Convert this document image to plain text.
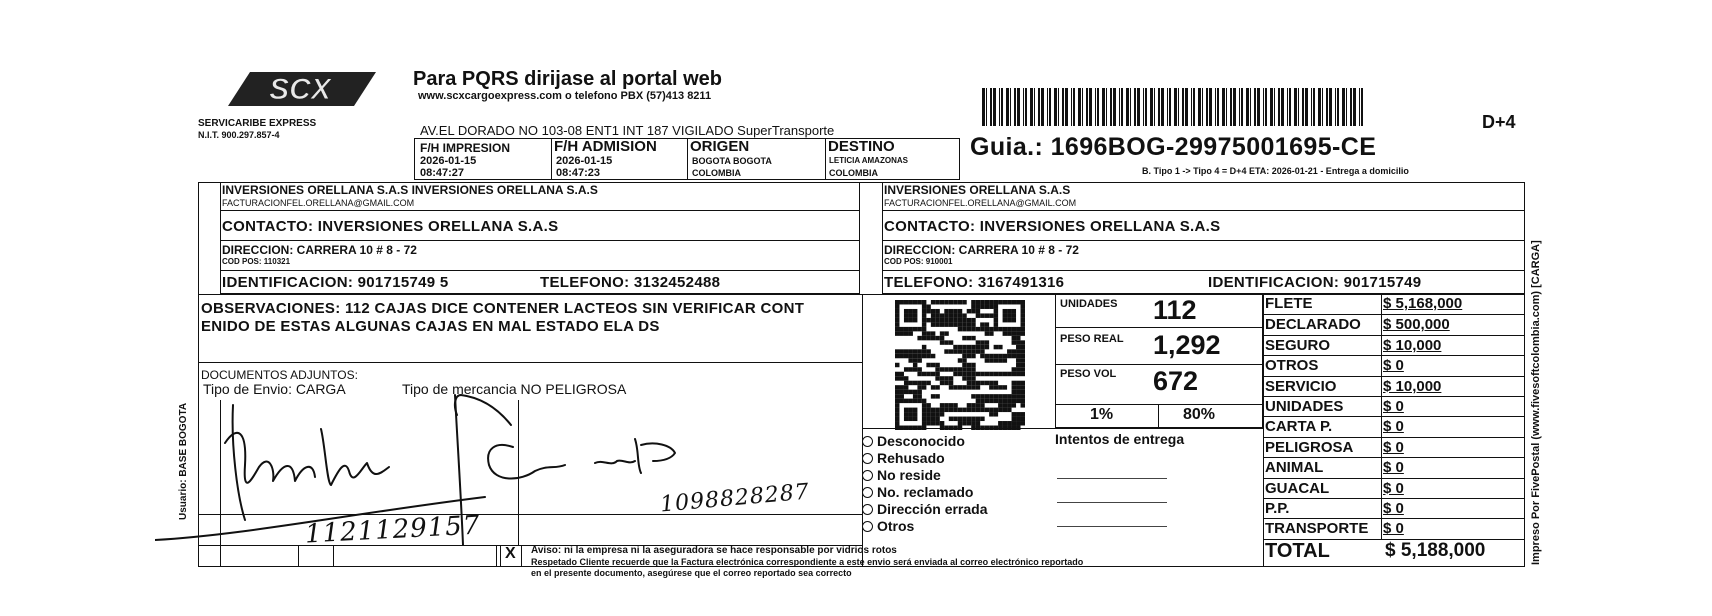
SCX
SERVICARIBE EXPRESS
N.I.T. 900.297.857-4
Para PQRS dirijase al portal web
www.scxcargoexpress.com o telefono PBX (57)413 8211
AV.EL DORADO NO 103-08 ENT1 INT 187 VIGILADO SuperTransporte	D+4
Guia.: 1696BOG-29975001695-CE
B. Tipo 1 -> Tipo 4 = D+4 ETA: 2026-01-21 - Entrega a domicilio
F/H IMPRESION
2026-01-15
08:47:27
F/H ADMISION
2026-01-15
08:47:23
ORIGEN
BOGOTA BOGOTA
COLOMBIA
DESTINO
LETICIA AMAZONAS
COLOMBIA
INVERSIONES ORELLANA S.A.S INVERSIONES ORELLANA S.A.S
FACTURACIONFEL.ORELLANA@GMAIL.COM
CONTACTO: INVERSIONES ORELLANA S.A.S
DIRECCION: CARRERA 10 # 8 - 72
COD POS: 110321
IDENTIFICACION: 901715749 5	TELEFONO: 3132452488
INVERSIONES ORELLANA S.A.S
FACTURACIONFEL.ORELLANA@GMAIL.COM
CONTACTO: INVERSIONES ORELLANA S.A.S
DIRECCION: CARRERA 10 # 8 - 72
COD POS: 910001
TELEFONO: 3167491316	IDENTIFICACION: 901715749
OBSERVACIONES: 112 CAJAS DICE CONTENER LACTEOS SIN VERIFICAR CONT
ENIDO DE ESTAS ALGUNAS CAJAS EN MAL ESTADO ELA DS
DOCUMENTOS ADJUNTOS:
Tipo de Envio: CARGA	Tipo de mercancia NO PELIGROSA
X
Usuario: BASE BOGOTA
1121129157
1098828287
UNIDADES 112
PESO REAL 1,292
PESO VOL 672
1%	80%
Desconocido
Rehusado
No reside
No. reclamado
Dirección errada
Otros
Intentos de entrega
FLETE	$ 5,168,000
DECLARADO $ 500,000
SEGURO	$ 10,000
OTROS	$ 0
SERVICIO	$ 10,000
UNIDADES	$ 0
CARTA P.	$ 0
PELIGROSA $ 0
ANIMAL	$ 0
GUACAL	$ 0
P.P.	$ 0
TRANSPORTE $ 0
TOTAL	$ 5,188,000
Aviso: ni la empresa ni la aseguradora se hace responsable por vidrios rotos
Respetado Cliente recuerde que la Factura electrónica correspondiente a este envio será enviada al correo electrónico reportado
en el presente documento, asegúrese que el correo reportado sea correcto
Impreso Por FivePostal (www.fivesoftcolombia.com) [CARGA]
